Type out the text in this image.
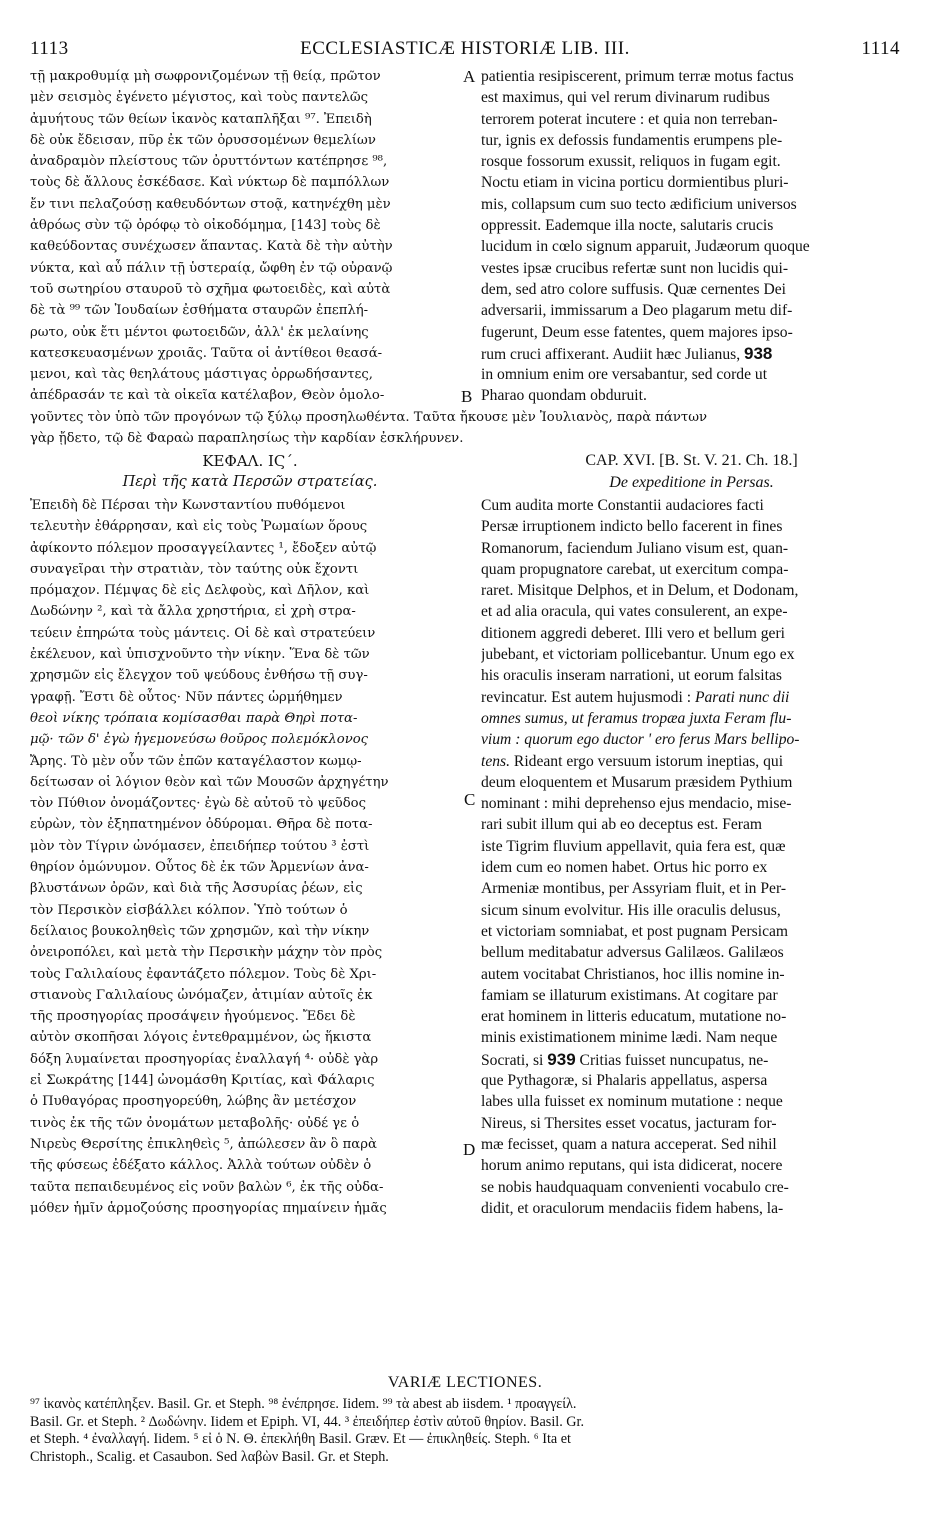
1113	ECCLESIASTICÆ HISTORIÆ LIB. III.	1114
τῇ μακροθυμίᾳ μὴ σωφρονιζομένων τῇ θείᾳ, πρῶτον
μὲν σεισμὸς ἐγένετο μέγιστος, καὶ τοὺς παντελῶς
ἀμυήτους τῶν θείων ἱκανὸς καταπλῆξαι ⁹⁷. Ἐπειδὴ
δὲ οὐκ ἔδεισαν, πῦρ ἐκ τῶν ὀρυσσομένων θεμελίων
ἀναδραμὸν πλείστους τῶν ὀρυττόντων κατέπρησε ⁹⁸,
τοὺς δὲ ἄλλους ἐσκέδασε. Καὶ νύκτωρ δὲ παμπόλλων
ἔν τινι πελαζούσῃ καθευδόντων στοᾷ, κατηνέχθη μὲν
ἀθρόως σὺν τῷ ὀρόφῳ τὸ οἰκοδόμημα, [143] τοὺς δὲ
καθεύδοντας συνέχωσεν ἅπαντας. Κατὰ δὲ τὴν αὐτὴν
νύκτα, καὶ αὖ πάλιν τῇ ὑστεραίᾳ, ὤφθη ἐν τῷ οὐρανῷ
τοῦ σωτηρίου σταυροῦ τὸ σχῆμα φωτοειδὲς, καὶ αὐτὰ
δὲ τὰ ⁹⁹ τῶν Ἰουδαίων ἐσθήματα σταυρῶν ἐπεπλή-
ρωτο, οὐκ ἔτι μέντοι φωτοειδῶν, ἀλλ' ἐκ μελαίνης
κατεσκευασμένων χροιᾶς. Ταῦτα οἱ ἀντίθεοι θεασά-
μενοι, καὶ τὰς θεηλάτους μάστιγας ὀρρωδήσαντες,
ἀπέδρασάν τε καὶ τὰ οἰκεῖα κατέλαβον, Θεὸν ὁμολο-
patientia resipiscerent, primum terræ motus factus
est maximus, qui vel rerum divinarum rudibus
terrorem poterat incutere : et quia non terreban-
tur, ignis ex defossis fundamentis erumpens ple-
rosque fossorum exussit, reliquos in fugam egit.
Noctu etiam in vicina porticu dormientibus pluri-
mis, collapsum cum suo tecto ædificium universos
oppressit. Eademque illa nocte, salutaris crucis
lucidum in cœlo signum apparuit, Judæorum quoque
vestes ipsæ crucibus refertæ sunt non lucidis qui-
dem, sed atro colore suffusis. Quæ cernentes Dei
adversarii, immissarum a Deo plagarum metu dif-
fugerunt, Deum esse fatentes, quem majores ipso-
rum cruci affixerant. Audiit hæc Julianus, 938
in omnium enim ore versabantur, sed corde ut
Pharao quondam obduruit.
A
B
C
D
γοῦντες τὸν ὑπὸ τῶν προγόνων τῷ ξύλῳ προσηλωθέντα. Ταῦτα ἤκουσε μὲν Ἰουλιανὸς, παρὰ πάντων
γὰρ ᾔδετο, τῷ δὲ Φαραὼ παραπλησίως τὴν καρδίαν ἐσκλήρυνεν.
ΚΕΦΑΛ. ΙϚ΄.
Περὶ τῆς κατὰ Περσῶν στρατείας.
CAP. XVI. [B. St. V. 21. Ch. 18.]
De expeditione in Persas.
Ἐπειδὴ δὲ Πέρσαι τὴν Κωνσταντίου πυθόμενοι
τελευτὴν ἐθάρρησαν, καὶ εἰς τοὺς Ῥωμαίων ὅρους
ἀφίκοντο πόλεμον προσαγγείλαντες ¹, ἔδοξεν αὐτῷ
συναγεῖραι τὴν στρατιὰν, τὸν ταύτης οὐκ ἔχοντι
πρόμαχον. Πέμψας δὲ εἰς Δελφοὺς, καὶ Δῆλον, καὶ
Δωδώνην ², καὶ τὰ ἄλλα χρηστήρια, εἰ χρὴ στρα-
τεύειν ἐπηρώτα τοὺς μάντεις. Οἱ δὲ καὶ στρατεύειν
ἐκέλευον, καὶ ὑπισχνοῦντο τὴν νίκην. Ἕνα δὲ τῶν
χρησμῶν εἰς ἔλεγχον τοῦ ψεύδους ἐνθήσω τῇ συγ-
γραφῇ. Ἔστι δὲ οὗτος· Νῦν πάντες ὡρμήθημεν
θεοὶ νίκης τρόπαια κομίσασθαι παρὰ Θηρὶ ποτα-
μῷ· τῶν δ' ἐγὼ ἡγεμονεύσω θοῦρος πολεμόκλονος
Ἄρης. Τὸ μὲν οὖν τῶν ἐπῶν καταγέλαστον κωμῳ-
δείτωσαν οἱ λόγιον θεὸν καὶ τῶν Μουσῶν ἀρχηγέτην
τὸν Πύθιον ὀνομάζοντες· ἐγὼ δὲ αὐτοῦ τὸ ψεῦδος
εὑρὼν, τὸν ἐξηπατημένον ὀδύρομαι. Θῆρα δὲ ποτα-
μὸν τὸν Τίγριν ὠνόμασεν, ἐπειδήπερ τούτου ³ ἐστὶ
θηρίον ὁμώνυμον. Οὗτος δὲ ἐκ τῶν Ἀρμενίων ἀνα-
βλυστάνων ὀρῶν, καὶ διὰ τῆς Ἀσσυρίας ῥέων, εἰς
τὸν Περσικὸν εἰσβάλλει κόλπον. Ὑπὸ τούτων ὁ
δείλαιος βουκοληθεὶς τῶν χρησμῶν, καὶ τὴν νίκην
ὀνειροπόλει, καὶ μετὰ τὴν Περσικὴν μάχην τὸν πρὸς
τοὺς Γαλιλαίους ἐφαντάζετο πόλεμον. Τοὺς δὲ Χρι-
στιανοὺς Γαλιλαίους ὠνόμαζεν, ἀτιμίαν αὐτοῖς ἐκ
τῆς προσηγορίας προσάψειν ἡγούμενος. Ἔδει δὲ
αὐτὸν σκοπῆσαι λόγοις ἐντεθραμμένον, ὡς ἥκιστα
δόξη λυμαίνεται προσηγορίας ἐναλλαγή ⁴· οὐδὲ γὰρ
εἰ Σωκράτης [144] ὠνομάσθη Κριτίας, καὶ Φάλαρις
ὁ Πυθαγόρας προσηγορεύθη, λώβης ἂν μετέσχον
τινὸς ἐκ τῆς τῶν ὀνομάτων μεταβολῆς· οὐδέ γε ὁ
Νιρεὺς Θερσίτης ἐπικληθεὶς ⁵, ἀπώλεσεν ἂν ὃ παρὰ
τῆς φύσεως ἐδέξατο κάλλος. Ἀλλὰ τούτων οὐδὲν ὁ
ταῦτα πεπαιδευμένος εἰς νοῦν βαλὼν ⁶, ἐκ τῆς οὐδα-
μόθεν ἡμῖν ἁρμοζούσης προσηγορίας πημαίνειν ἡμᾶς
Cum audita morte Constantii audaciores facti
Persæ irruptionem indicto bello facerent in fines
Romanorum, faciendum Juliano visum est, quan-
quam propugnatore carebat, ut exercitum compa-
raret. Misitque Delphos, et in Delum, et Dodonam,
et ad alia oracula, qui vates consulerent, an expe-
ditionem aggredi deberet. Illi vero et bellum geri
jubebant, et victoriam pollicebantur. Unum ego ex
his oraculis inseram narrationi, ut eorum falsitas
revincatur. Est autem hujusmodi : Parati nunc dii
omnes sumus, ut feramus tropæa juxta Feram flu-
vium : quorum ego ductor ' ero ferus Mars bellipo-
tens. Rideant ergo versuum istorum ineptias, qui
deum eloquentem et Musarum præsidem Pythium
nominant : mihi deprehenso ejus mendacio, mise-
rari subit illum qui ab eo deceptus est. Feram
iste Tigrim fluvium appellavit, quia fera est, quæ
idem cum eo nomen habet. Ortus hic porro ex
Armeniæ montibus, per Assyriam fluit, et in Per-
sicum sinum evolvitur. His ille oraculis delusus,
et victoriam somniabat, et post pugnam Persicam
bellum meditabatur adversus Galilæos. Galilæos
autem vocitabat Christianos, hoc illis nomine in-
famiam se illaturum existimans. At cogitare par
erat hominem in litteris educatum, mutatione no-
minis existimationem minime lædi. Nam neque
Socrati, si 939 Critias fuisset nuncupatus, ne-
que Pythagoræ, si Phalaris appellatus, aspersa
labes ulla fuisset ex nominum mutatione : neque
Nireus, si Thersites esset vocatus, jacturam for-
mæ fecisset, quam a natura acceperat. Sed nihil
horum animo reputans, qui ista didicerat, nocere
se nobis haudquaquam convenienti vocabulo cre-
didit, et oraculorum mendaciis fidem habens, la-
VARIÆ LECTIONES.
⁹⁷ ἱκανὸς κατέπληξεν. Basil. Gr. et Steph. ⁹⁸ ἐνέπρησε. Iidem. ⁹⁹ τὰ abest ab iisdem. ¹ προαγγείλ.
Basil. Gr. et Steph. ² Δωδώνην. Iidem et Epiph. VI, 44. ³ ἐπειδήπερ ἐστὶν αὐτοῦ θηρίον. Basil. Gr.
et Steph. ⁴ ἐναλλαγή. Iidem. ⁵ εἰ ὁ Ν. Θ. ἐπεκλήθη Basil. Græv. Et — ἐπικληθείς. Steph. ⁶ Ita et
Christoph., Scalig. et Casaubon. Sed λαβὼν Basil. Gr. et Steph.
